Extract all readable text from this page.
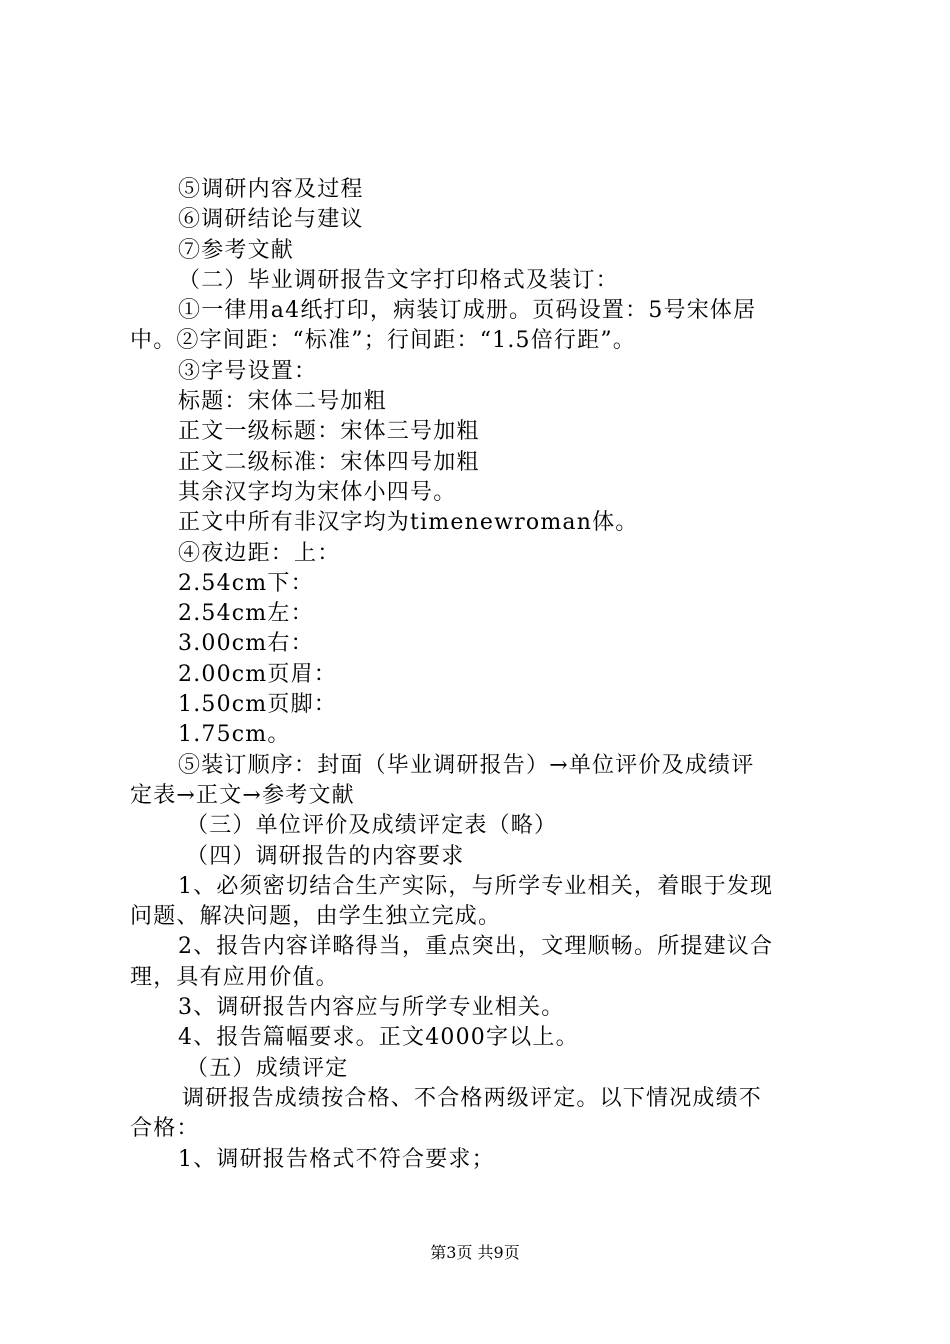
⑤调研内容及过程
⑥调研结论与建议
⑦参考文献
（二）毕业调研报告文字打印格式及装订：
①一律用a4纸打印，病装订成册。页码设置：5号宋体居
中。②字间距：“标准”；行间距：“1.5倍行距”。
③字号设置：
标题：宋体二号加粗
正文一级标题：宋体三号加粗
正文二级标准：宋体四号加粗
其余汉字均为宋体小四号。
正文中所有非汉字均为timenewroman体。
④夜边距：上：
2.54cm下：
2.54cm左：
3.00cm右：
2.00cm页眉：
1.50cm页脚：
1.75cm。
⑤装订顺序：封面（毕业调研报告）→单位评价及成绩评
定表→正文→参考文献
（三）单位评价及成绩评定表（略）
（四）调研报告的内容要求
1、必须密切结合生产实际，与所学专业相关，着眼于发现
问题、解决问题，由学生独立完成。
2、报告内容详略得当，重点突出，文理顺畅。所提建议合
理，具有应用价值。
3、调研报告内容应与所学专业相关。
4、报告篇幅要求。正文4000字以上。
（五）成绩评定
调研报告成绩按合格、不合格两级评定。以下情况成绩不
合格：
1、调研报告格式不符合要求；
第3页 共9页
